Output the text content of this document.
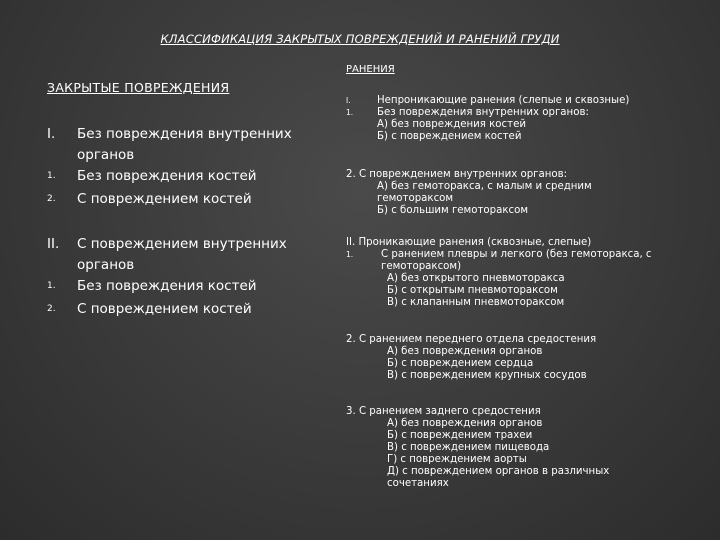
КЛАССИФИКАЦИЯ ЗАКРЫТЫХ ПОВРЕЖДЕНИЙ И РАНЕНИЙ ГРУДИ
ЗАКРЫТЫЕ ПОВРЕЖДЕНИЯ
I. Без повреждения внутренних
органов
1. Без повреждения костей
2. С повреждением костей
II. С повреждением внутренних
органов
1. Без повреждения костей
2. С повреждением костей
РАНЕНИЯ
I.	Непроникающие ранения (слепые и сквозные)
1. Без повреждения внутренних органов:
А) без повреждения костей
Б) с повреждением костей
2. С повреждением внутренних органов:
А) без гемоторакса, с малым и средним
гемотораксом
Б) с большим гемотораксом
II. Проникающие ранения (сквозные, слепые)
1.	С ранением плевры и легкого (без гемоторакса, с
гемотораксом)
А) без открытого пневмоторакса
Б) с открытым пневмотораксом
В) с клапанным пневмотораксом
2. С ранением переднего отдела средостения
А) без повреждения органов
Б) с повреждением сердца
В) с повреждением крупных сосудов
3. С ранением заднего средостения
А) без повреждения органов
Б) с повреждением трахеи
В) с повреждением пищевода
Г) с повреждением аорты
Д) с повреждением органов в различных
сочетаниях
